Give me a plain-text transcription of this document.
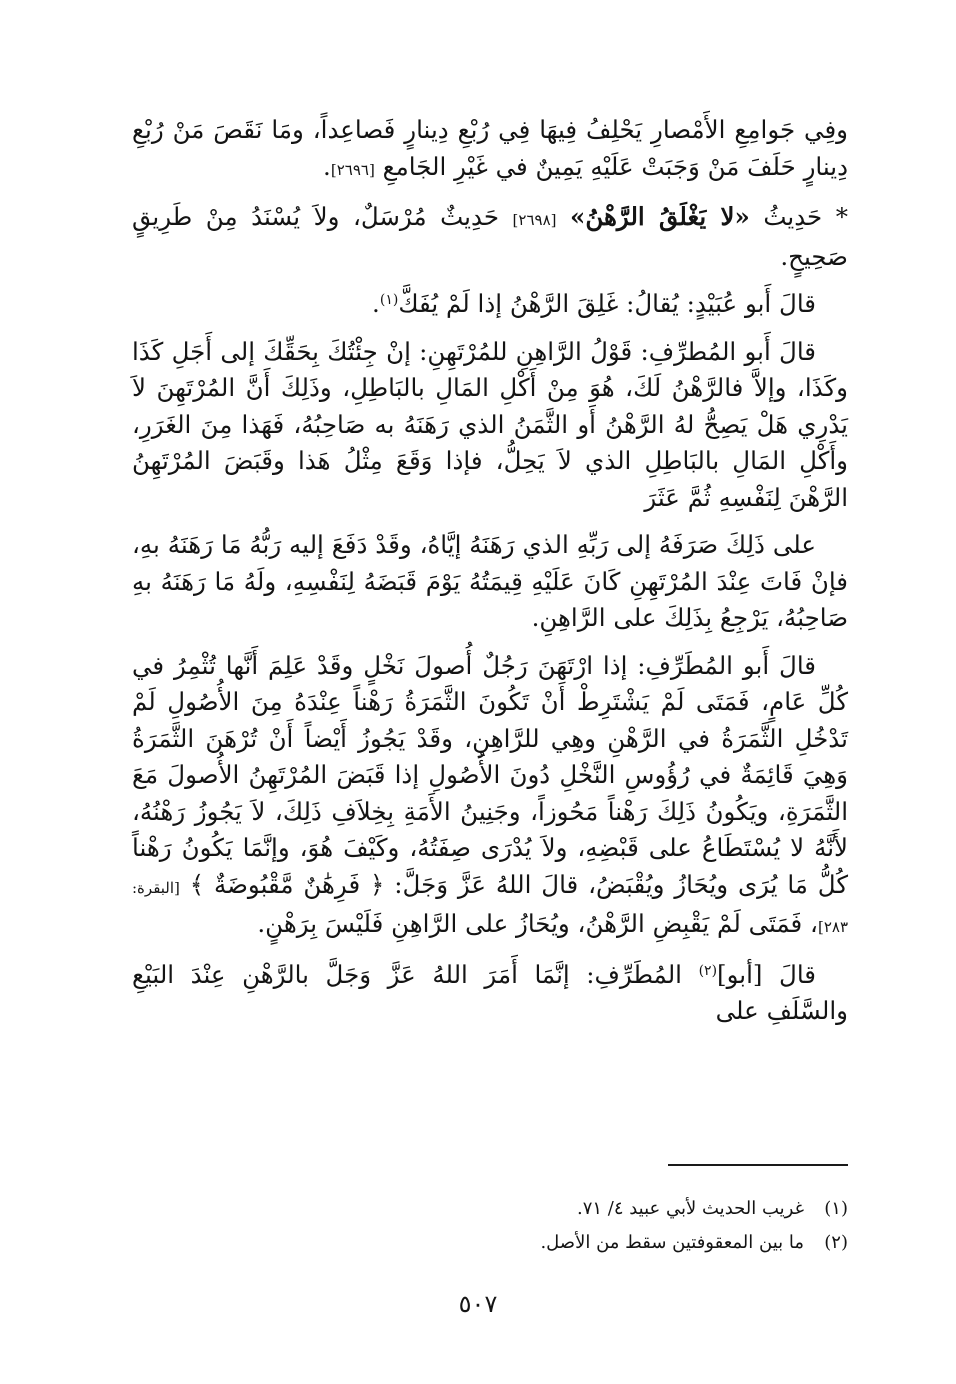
وفِي جَوامِعِ الأَمْصارِ يَحْلِفُ فِيهَا فِي رُبْعِ دِينارٍ فَصاعِداً، ومَا نَقَصَ مَنْ رُبْعِ دِينارٍ حَلَفَ مَنْ وَجَبَتْ عَلَيْهِ يَمِينٌ في غَيْرِ الجَامعِ [٢٦٩٦].

* حَدِيثُ «لا يَغْلَقُ الرَّهْنُ» [٢٦٩٨] حَدِيثٌ مُرْسَلٌ، ولاَ يُسْنَدُ مِنْ طَرِيقٍ صَحِيحٍ.

قالَ أَبو عُبَيْدٍ: يُقالُ: غَلِقَ الرَّهْنُ إذا لَمْ يُفَكَّ$^{(١)}$.

قالَ أَبو المُطرِّفِ: قَوْلُ الرَّاهِنِ للمُرْتَهِنِ: إنْ جِئْتُكَ بِحَقِّكَ إلى أَجَلِ كَذَا وكَذَا، وإلاَّ فالرَّهْنُ لَكَ، هُوَ مِنْ أَكْلِ المَالِ بالبَاطِلِ، وذَلِكَ أَنَّ المُرْتَهِنَ لاَ يَدْرِي هَلْ يَصِحُّ لهُ الرَّهْنُ أَو الثَّمَنُ الذي رَهَنَهُ به صَاحِبُهُ، فَهَذا مِنَ الغَرَرِ، وأَكْلِ المَالِ بالبَاطِلِ الذي لاَ يَحِلُّ، فإذا وَقَعَ مِثْلُ هَذا وقَبَضَ المُرْتَهِنُ الرَّهْنَ لِنَفْسِهِ ثُمَّ عَثَرَ

على ذَلِكَ صَرَفَهُ إلى رَبِّهِ الذي رَهَنَهُ إيَّاهُ، وقَدْ دَفَعَ إليه رَبُّهُ مَا رَهَنَهُ بهِ، فإنْ فَاتَ عِنْدَ المُرْتَهِنِ كَانَ عَلَيْهِ قِيمَتُهُ يَوْمَ قَبَضَهُ لِنَفْسِهِ، ولَهُ مَا رَهَنَهُ بهِ صَاحِبُهُ، يَرْجِعُ بِذَلِكَ على الرَّاهِنِ.

قالَ أَبو المُطَرِّفِ: إذا ارْتَهَنَ رَجُلٌ أُصولَ نَخْلٍ وقَدْ عَلِمَ أَنَّها تُثْمِرُ في كُلِّ عَامٍ، فَمَتَى لَمْ يَشْتَرِطْ أَنْ تَكُونَ الثَّمَرَةُ رَهْناً عِنْدَهُ مِنَ الأُصُولِ لَمْ تَدْخُلِ الثَّمَرَةُ في الرَّهْنِ وهِي للرَّاهِنِ، وقَدْ يَجُوزُ أَيْضاً أَنْ تُرْهَنَ الثَّمَرَةُ وَهِيَ قَائِمَةٌ في رُؤُوسِ النَّخْلِ دُونَ الأُصُولِ إذا قَبَضَ المُرْتَهِنُ الأُصولَ مَعَ الثَّمَرَةِ، ويَكُونُ ذَلِكَ رَهْناً مَحُوزاً، وجَنِينُ الأَمَةِ بِخِلاَفِ ذَلِكَ، لاَ يَجُوزُ رَهْنُهُ، لأَنَّهُ لا يُسْتَطَاعُ على قَبْضِهِ، ولاَ يُدْرَى صِفَتُهُ، وكَيْفَ هُوَ، وإنَّمَا يَكُونُ رَهْناً كُلُّ مَا يُرَى ويُحَازُ ويُقْبَضُ، قالَ اللهُ عَزَّ وَجَلَّ: ﴿ فَرِهَٰنٌ مَّقْبُوضَةٌ ﴾ [البقرة: ٢٨٣]، فَمَتَى لَمْ يَقْبِضِ الرَّهْنُ، ويُحَازُ على الرَّاهِنِ فَلَيْسَ بِرَهْنٍ.

قالَ [أبو]$^{(٢)}$ المُطَرِّفِ: إنَّمَا أَمَرَ اللهُ عَزَّ وَجَلَّ بالرَّهْنِ عِنْدَ البَيْعِ والسَّلَفِ على

(١)
غريب الحديث لأبي عبيد ٤/ ٧١.
(٢)
ما بين المعقوفتين سقط من الأصل.
٥٠٧
